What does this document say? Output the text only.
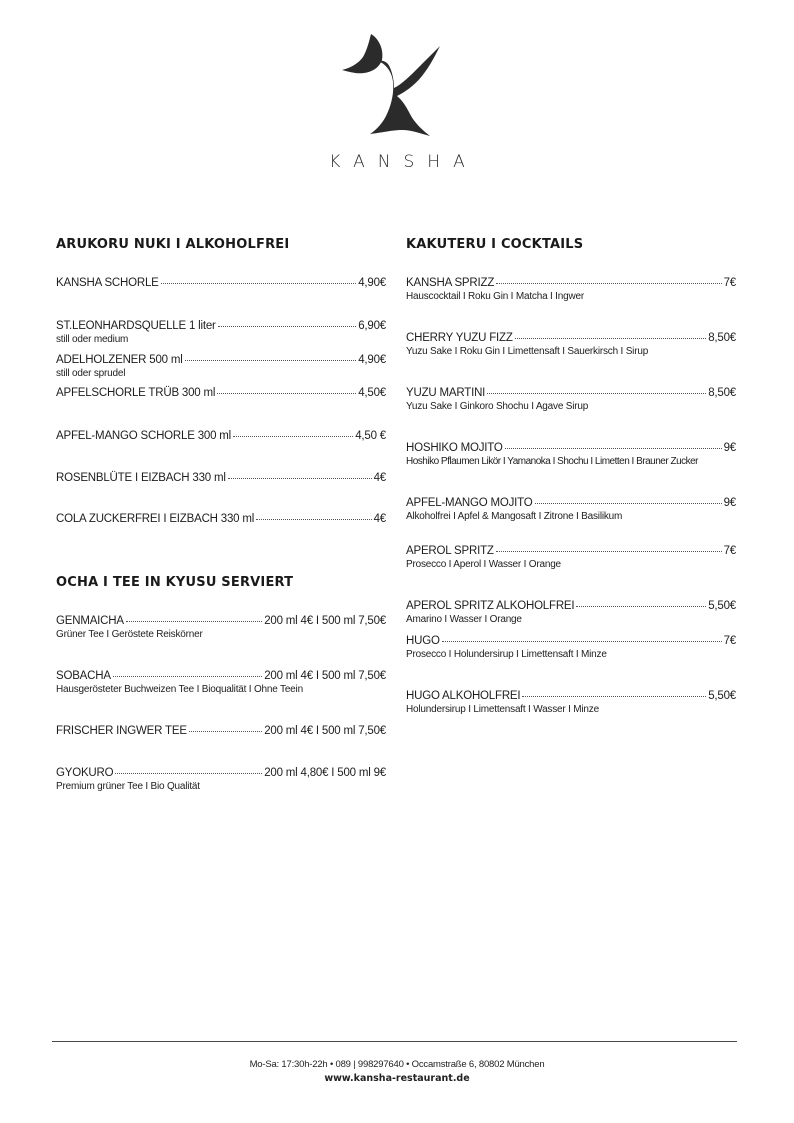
KANSHA
ARUKORU NUKI I ALKOHOLFREI
KANSHA SCHORLE	4,90€
ST.LEONHARDSQUELLE 1 liter	6,90€
still oder medium
ADELHOLZENER 500 ml	4,90€
still oder sprudel
APFELSCHORLE TRÜB 300 ml	4,50€
APFEL-MANGO SCHORLE 300 ml	4,50 €
ROSENBLÜTE I EIZBACH 330 ml	4€
COLA ZUCKERFREI I EIZBACH 330 ml	4€
OCHA I TEE IN KYUSU SERVIERT
GENMAICHA	200 ml 4€ I 500 ml 7,50€
Grüner Tee I Geröstete Reiskörner
SOBACHA	200 ml 4€ I 500 ml 7,50€
Hausgerösteter Buchweizen Tee I Bioqualität I Ohne Teein
FRISCHER INGWER TEE	200 ml 4€ I 500 ml 7,50€
GYOKURO	200 ml 4,80€ I 500 ml 9€
Premium grüner Tee I Bio Qualität
KAKUTERU I COCKTAILS
KANSHA SPRIZZ	7€
Hauscocktail I Roku Gin I Matcha I Ingwer
CHERRY YUZU FIZZ	8,50€
Yuzu Sake I Roku Gin I Limettensaft I Sauerkirsch I Sirup
YUZU MARTINI	8,50€
Yuzu Sake I Ginkoro Shochu I Agave Sirup
HOSHIKO MOJITO	9€
Hoshiko Pflaumen Likör I Yamanoka I Shochu I Limetten I Brauner Zucker
APFEL-MANGO MOJITO	9€
Alkoholfrei I Apfel & Mangosaft I Zitrone I Basilikum
APEROL SPRITZ	7€
Prosecco I Aperol I Wasser I Orange
APEROL SPRITZ ALKOHOLFREI	5,50€
Amarino I Wasser I Orange
HUGO	7€
Prosecco I Holundersirup I Limettensaft I Minze
HUGO ALKOHOLFREI	5,50€
Holundersirup I Limettensaft I Wasser I Minze
Mo-Sa: 17:30h-22h • 089 | 998297640 • Occamstraße 6, 80802 München
www.kansha-restaurant.de
